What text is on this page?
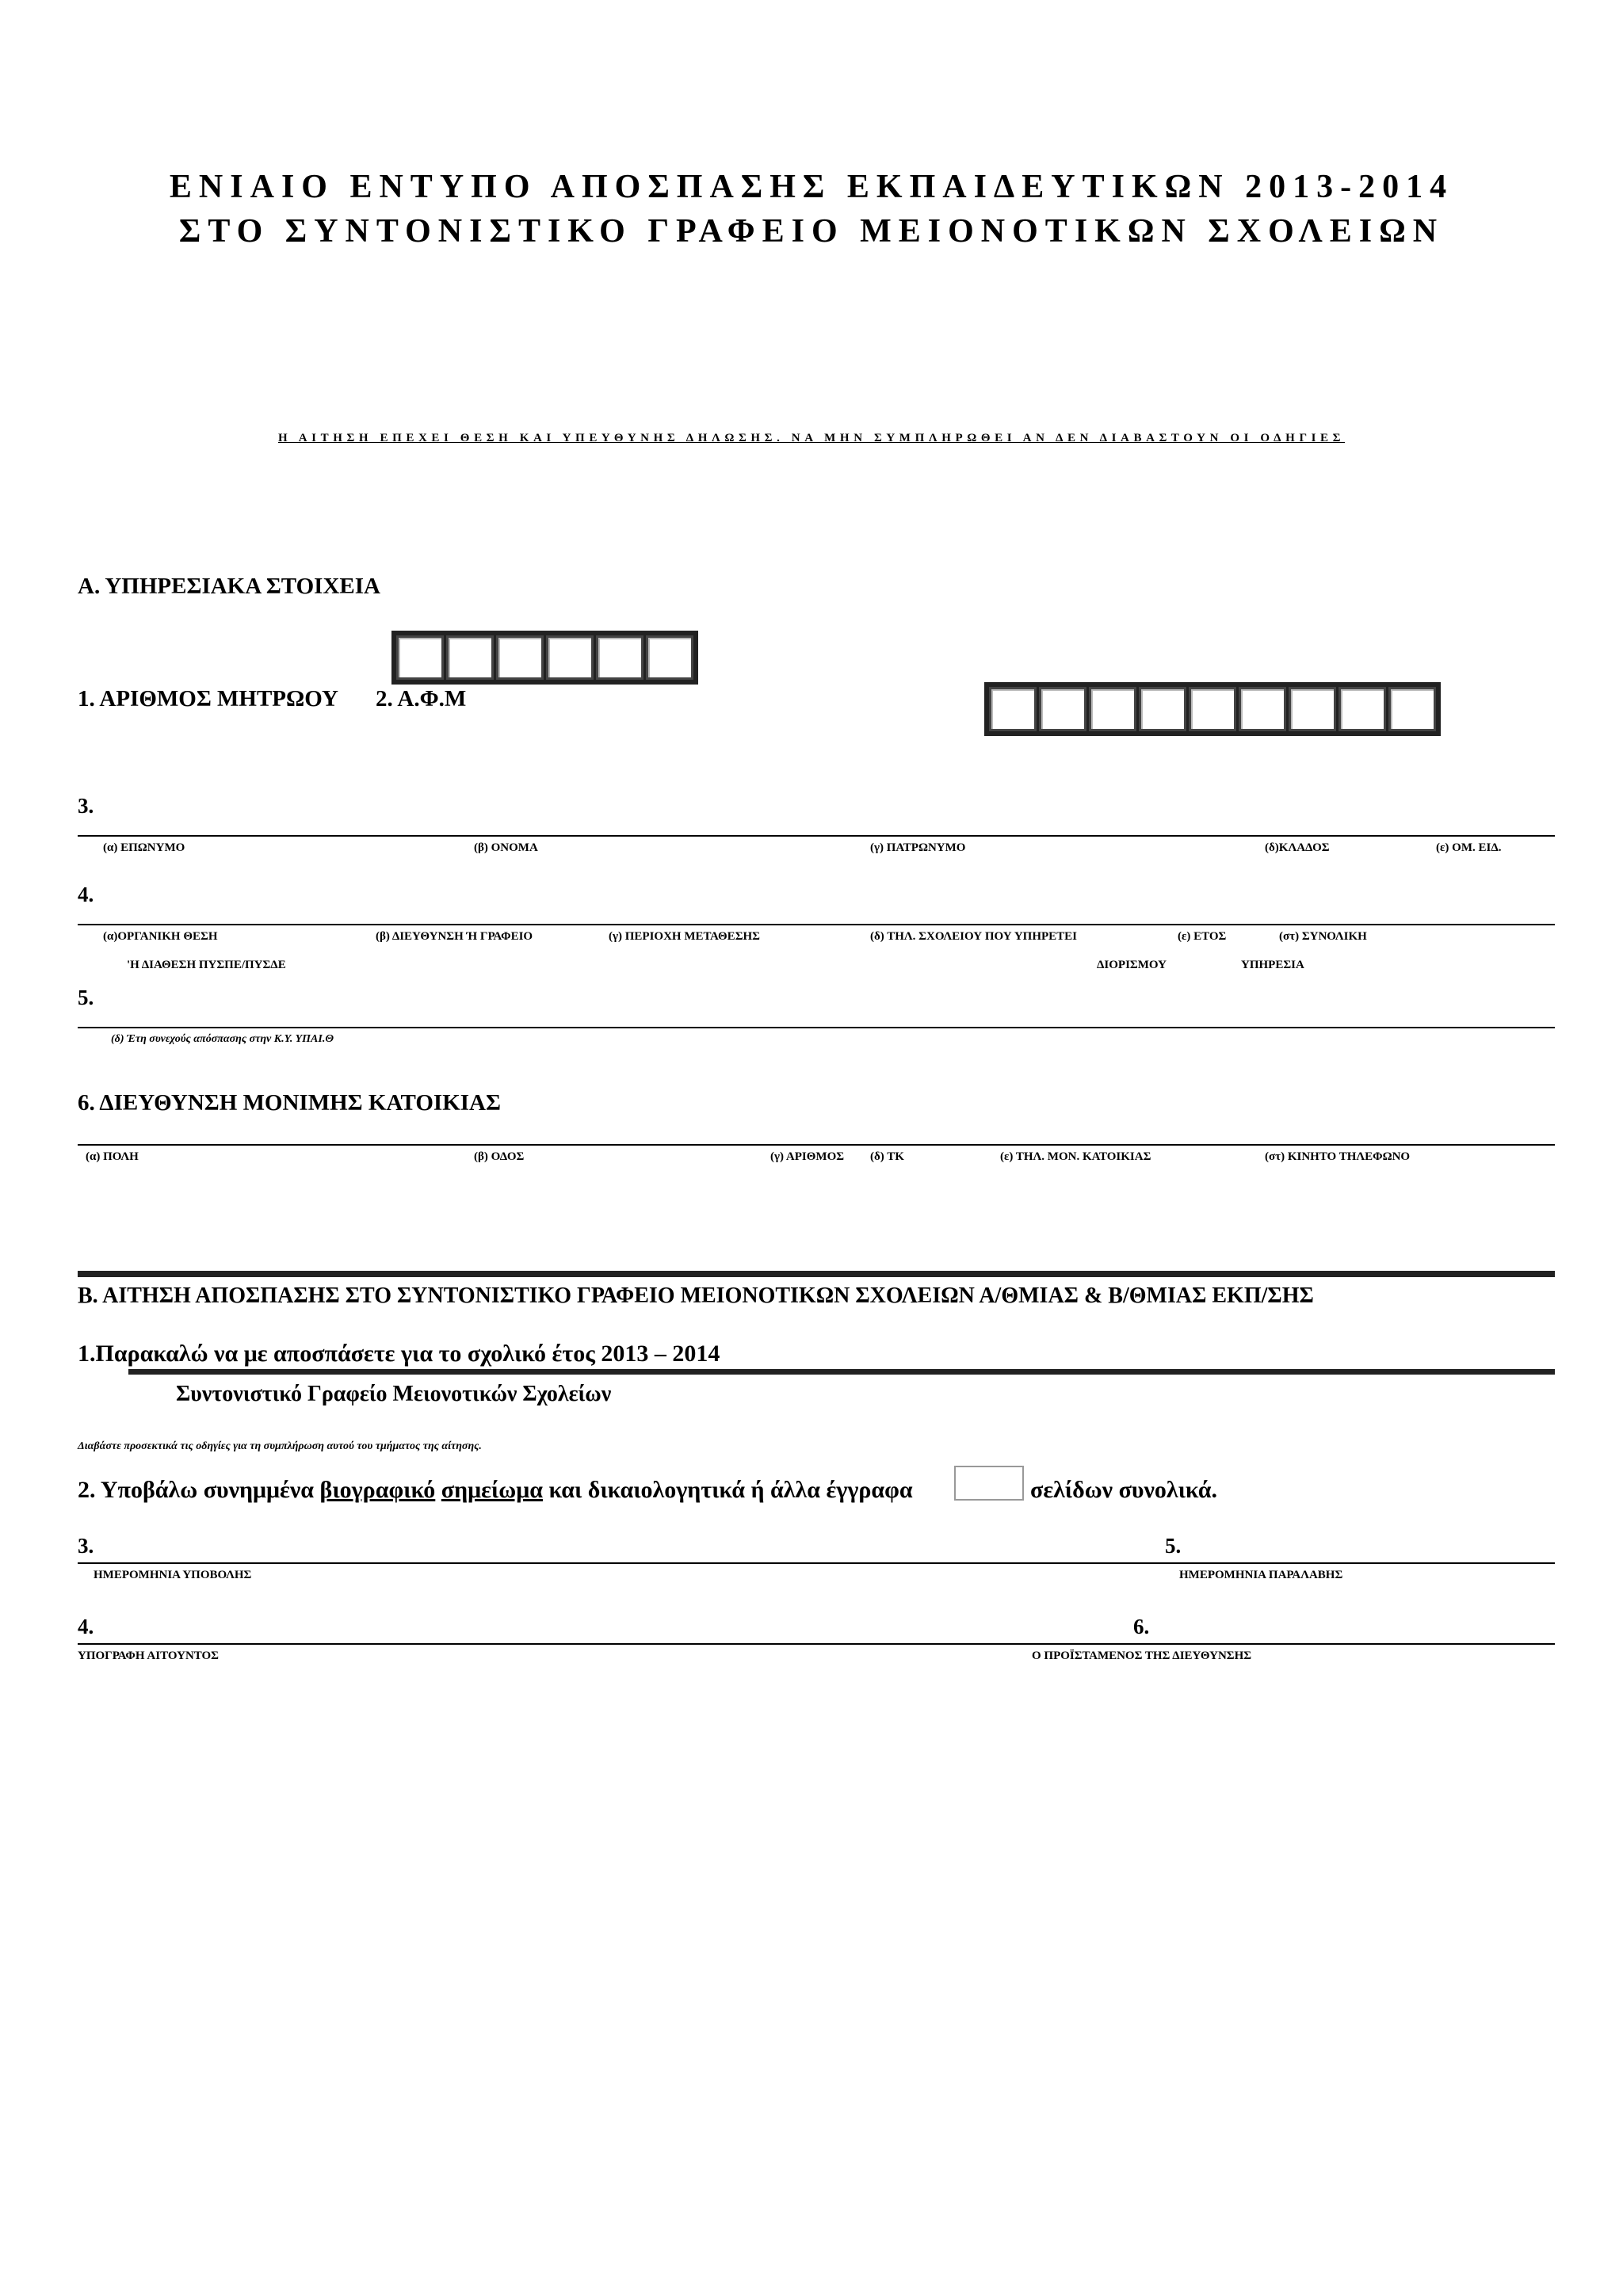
ΕΝΙΑΙΟ ΕΝΤΥΠΟ ΑΠΟΣΠΑΣΗΣ ΕΚΠΑΙΔΕΥΤΙΚΩΝ 2013-2014
ΣΤΟ ΣΥΝΤΟΝΙΣΤΙΚΟ ΓΡΑΦΕΙΟ ΜΕΙΟΝΟΤΙΚΩΝ ΣΧΟΛΕΙΩΝ
Η ΑΙΤΗΣΗ ΕΠΕΧΕΙ ΘΕΣΗ ΚΑΙ ΥΠΕΥΘΥΝΗΣ ΔΗΛΩΣΗΣ. ΝΑ ΜΗΝ ΣΥΜΠΛΗΡΩΘΕΙ ΑΝ ΔΕΝ ΔΙΑΒΑΣΤΟΥΝ ΟΙ ΟΔΗΓΙΕΣ
Α. ΥΠΗΡΕΣΙΑΚΑ ΣΤΟΙΧΕΙΑ
1. ΑΡΙΘΜΟΣ ΜΗΤΡΩΟΥ 2. Α.Φ.Μ
3.
(α) ΕΠΩΝΥΜΟ	(β) ΟΝΟΜΑ	(γ) ΠΑΤΡΩΝΥΜΟ	(δ)ΚΛΑΔΟΣ	(ε) ΟΜ. ΕΙΔ.
4.
(α)ΟΡΓΑΝΙΚΗ ΘΕΣΗ	(β) ΔΙΕΥΘΥΝΣΗ Ή ΓΡΑΦΕΙΟ	(γ) ΠΕΡΙΟΧΗ ΜΕΤΑΘΕΣΗΣ	(δ) ΤΗΛ. ΣΧΟΛΕΙΟΥ ΠΟΥ ΥΠΗΡΕΤΕΙ	(ε) ΕΤΟΣ	(στ) ΣΥΝΟΛΙΚΗ
'Η ΔΙΑΘΕΣΗ ΠΥΣΠΕ/ΠΥΣΔΕ	ΔΙΟΡΙΣΜΟΥ	ΥΠΗΡΕΣΙΑ
5.
(δ) Έτη συνεχούς απόσπασης στην Κ.Υ. ΥΠΑΙ.Θ
6. ΔΙΕΥΘΥΝΣΗ ΜΟΝΙΜΗΣ ΚΑΤΟΙΚΙΑΣ
(α) ΠΟΛΗ	(β) ΟΔΟΣ	(γ) ΑΡΙΘΜΟΣ (δ) ΤΚ	(ε) ΤΗΛ. ΜΟΝ. ΚΑΤΟΙΚΙΑΣ	(στ) ΚΙΝΗΤΟ ΤΗΛΕΦΩΝΟ
Β. ΑΙΤΗΣΗ ΑΠΟΣΠΑΣΗΣ ΣΤΟ ΣΥΝΤΟΝΙΣΤΙΚΟ ΓΡΑΦΕΙΟ ΜΕΙΟΝΟΤΙΚΩΝ ΣΧΟΛΕΙΩΝ Α/ΘΜΙΑΣ & Β/ΘΜΙΑΣ ΕΚΠ/ΣΗΣ
1.Παρακαλώ να με αποσπάσετε για το σχολικό έτος 2013 – 2014
Συντονιστικό Γραφείο Μειονοτικών Σχολείων
Διαβάστε προσεκτικά τις οδηγίες για τη συμπλήρωση αυτού του τμήματος της αίτησης.
2. Υποβάλω συνημμένα βιογραφικό σημείωμα και δικαιολογητικά ή άλλα έγγραφα	σελίδων συνολικά.
3.	5.
ΗΜΕΡΟΜΗΝΙΑ ΥΠΟΒΟΛΗΣ	ΗΜΕΡΟΜΗΝΙΑ ΠΑΡΑΛΑΒΗΣ
4.	6.
ΥΠΟΓΡΑΦΗ ΑΙΤΟΥΝΤΟΣ	Ο ΠΡΟΪΣΤΑΜΕΝΟΣ ΤΗΣ ΔΙΕΥΘΥΝΣΗΣ
